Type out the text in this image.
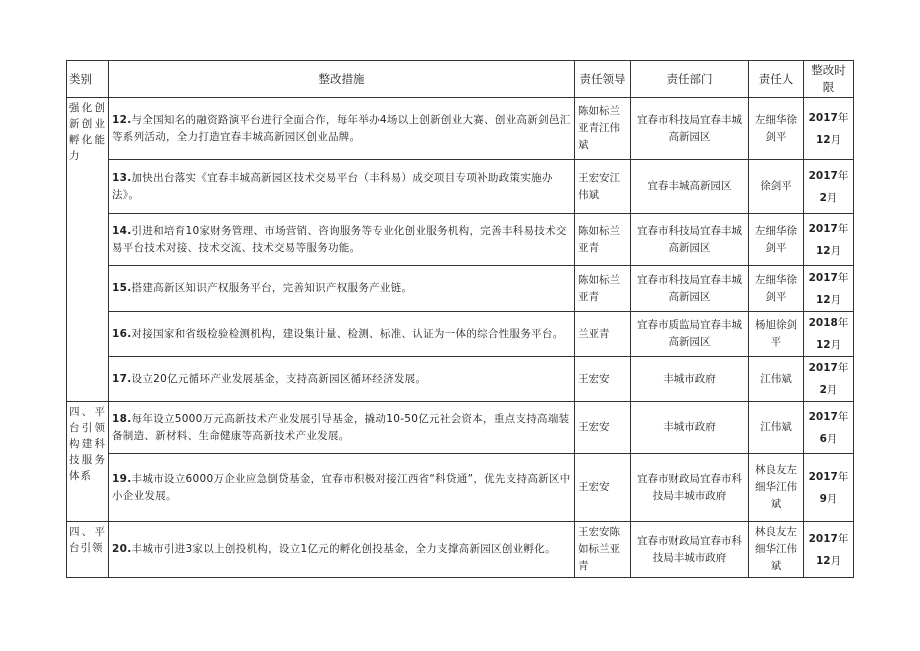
类别	整改措施	责任领导	责任部门	责任人	整改时限
强化创新创业孵化能力	12.与全国知名的融资路演平台进行全面合作，每年举办4场以上创新创业大赛、创业高新剑邑汇等系列活动，全力打造宜春丰城高新园区创业品牌。	陈如标兰亚青江伟斌	宜春市科技局宜春丰城高新园区	左细华徐剑平	2017年
12月
	13.加快出台落实《宜春丰城高新园区技术交易平台（丰科易）成交项目专项补助政策实施办法》。	王宏安江伟斌	宜春丰城高新园区	徐剑平	2017年
2月
	14.引进和培育10家财务管理、市场营销、咨询服务等专业化创业服务机构，完善丰科易技术交易平台技术对接、技术交流、技术交易等服务功能。	陈如标兰亚青	宜春市科技局宜春丰城高新园区	左细华徐剑平	2017年
12月
	15.搭建高新区知识产权服务平台，完善知识产权服务产业链。	陈如标兰亚青	宜春市科技局宜春丰城高新园区	左细华徐剑平	2017年
12月
	16.对接国家和省级检验检测机构，建设集计量、检测、标准、认证为一体的综合性服务平台。	兰亚青	宜春市质监局宜春丰城高新园区	杨旭徐剑平	2018年
12月
	17.设立20亿元循环产业发展基金，支持高新园区循环经济发展。	王宏安	丰城市政府	江伟斌	2017年
2月
四、平台引领构建科技服务体系	18.每年设立5000万元高新技术产业发展引导基金，撬动10-50亿元社会资本，重点支持高端装备制造、新材料、生命健康等高新技术产业发展。	王宏安	丰城市政府	江伟斌	2017年
6月
	19.丰城市设立6000万企业应急倒贷基金，宜春市积极对接江西省“科贷通”，优先支持高新区中小企业发展。	王宏安	宜春市财政局宜春市科技局丰城市政府	林良友左细华江伟斌	2017年
9月
四、平台引领	20.丰城市引进3家以上创投机构，设立1亿元的孵化创投基金，全力支撑高新园区创业孵化。	王宏安陈如标兰亚青	宜春市财政局宜春市科技局丰城市政府	林良友左细华江伟斌	2017年
12月
